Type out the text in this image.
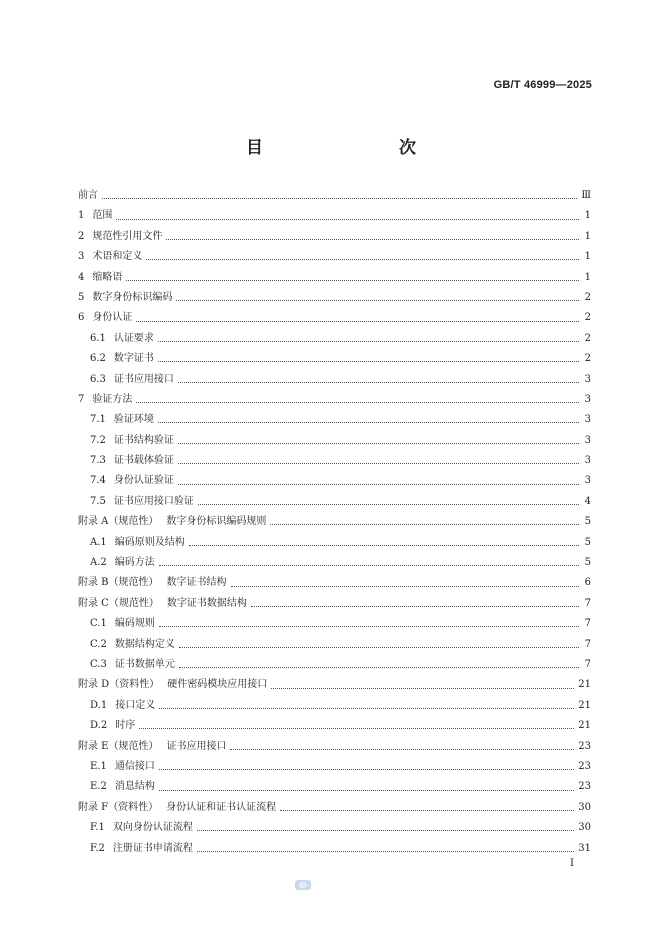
GB/T 46999—2025
目　　次
前言	Ⅲ
1 范围	1
2 规范性引用文件	1
3 术语和定义	1
4 缩略语	1
5 数字身份标识编码	2
6 身份认证	2
6.1 认证要求	2
6.2 数字证书	2
6.3 证书应用接口	3
7 验证方法	3
7.1 验证环境	3
7.2 证书结构验证	3
7.3 证书载体验证	3
7.4 身份认证验证	3
7.5 证书应用接口验证	4
附录 A（规范性） 数字身份标识编码规则	5
A.1 编码原则及结构	5
A.2 编码方法	5
附录 B（规范性） 数字证书结构	6
附录 C（规范性） 数字证书数据结构	7
C.1 编码规则	7
C.2 数据结构定义	7
C.3 证书数据单元	7
附录 D（资料性） 硬件密码模块应用接口	21
D.1 接口定义	21
D.2 时序	21
附录 E（规范性） 证书应用接口	23
E.1 通信接口	23
E.2 消息结构	23
附录 F（资料性） 身份认证和证书认证流程	30
F.1 双向身份认证流程	30
F.2 注册证书申请流程	31
I
